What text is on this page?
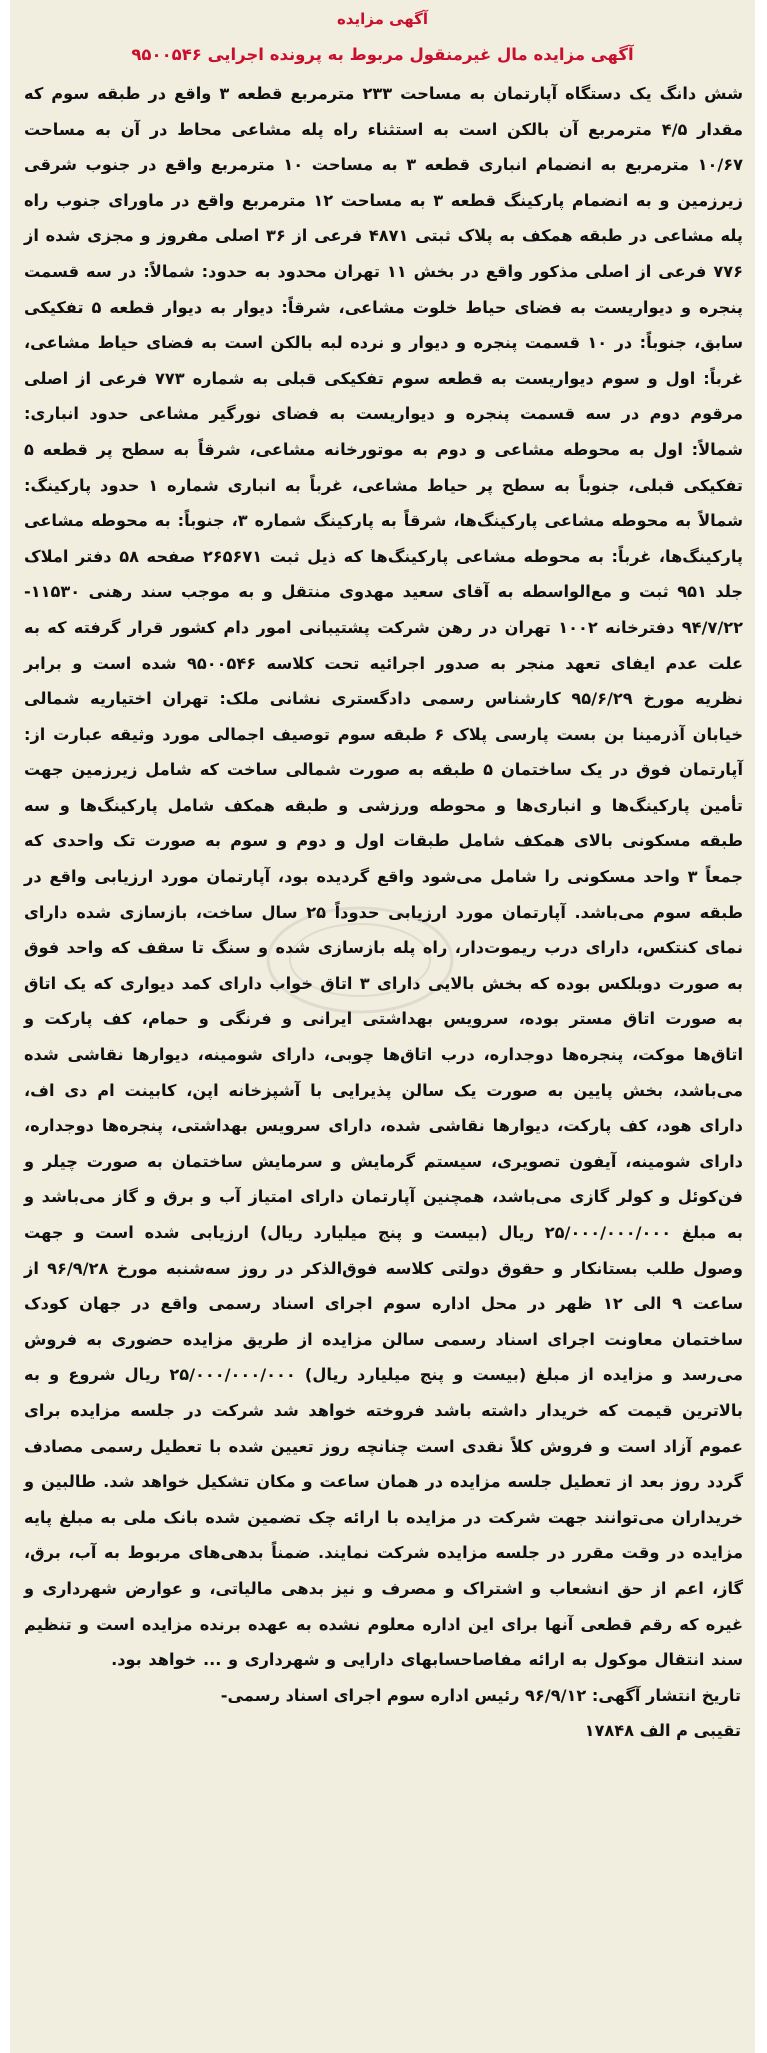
آگهی مزایده
آگهی مزایده مال غیرمنقول مربوط به پرونده اجرایی ۹۵۰۰۵۴۶

شش دانگ یک دستگاه آپارتمان به مساحت ۲۳۳ مترمربع قطعه ۳ واقع در طبقه سوم که مقدار ۴/۵ مترمربع آن بالکن است به استثناء راه پله مشاعی محاط در آن به مساحت ۱۰/۶۷ مترمربع به انضمام انباری قطعه ۳ به مساحت ۱۰ مترمربع واقع در جنوب شرقی زیرزمین و به انضمام پارکینگ قطعه ۳ به مساحت ۱۲ مترمربع واقع در ماورای جنوب راه پله مشاعی در طبقه همکف به پلاک ثبتی ۴۸۷۱ فرعی از ۳۶ اصلی مفروز و مجزی شده از ۷۷۶ فرعی از اصلی مذکور واقع در بخش ۱۱ تهران محدود به حدود: شمالاً: در سه قسمت پنجره و دیواریست به فضای حیاط خلوت مشاعی، شرقاً: دیوار به دیوار قطعه ۵ تفکیکی سابق، جنوباً: در ۱۰ قسمت پنجره و دیوار و نرده لبه بالکن است به فضای حیاط مشاعی، غرباً: اول و سوم دیواریست به قطعه سوم تفکیکی قبلی به شماره ۷۷۳ فرعی از اصلی مرقوم دوم در سه قسمت پنجره و دیواریست به فضای نورگیر مشاعی حدود انباری: شمالاً: اول به محوطه مشاعی و دوم به موتورخانه مشاعی، شرقاً به سطح پر قطعه ۵ تفکیکی قبلی، جنوباً به سطح پر حیاط مشاعی، غرباً به انباری شماره ۱ حدود پارکینگ: شمالاً به محوطه مشاعی پارکینگ‌ها، شرقاً به پارکینگ شماره ۳، جنوباً: به محوطه مشاعی پارکینگ‌ها، غرباً: به محوطه مشاعی پارکینگ‌ها که ذیل ثبت ۲۶۵۶۷۱ صفحه ۵۸ دفتر املاک جلد ۹۵۱ ثبت و مع‌الواسطه به آقای سعید مهدوی منتقل و به موجب سند رهنی ۱۱۵۳۰- ۹۴/۷/۲۲ دفترخانه ۱۰۰۲ تهران در رهن شرکت پشتیبانی امور دام کشور قرار گرفته که به علت عدم ایفای تعهد منجر به صدور اجرائیه تحت کلاسه ۹۵۰۰۵۴۶ شده است و برابر نظریه مورخ ۹۵/۶/۲۹ کارشناس رسمی دادگستری نشانی ملک: تهران اختیاریه شمالی خیابان آذرمینا بن بست پارسی پلاک ۶ طبقه سوم توصیف اجمالی مورد وثیقه عبارت از: آپارتمان فوق در یک ساختمان ۵ طبقه به صورت شمالی ساخت که شامل زیرزمین جهت تأمین پارکینگ‌ها و انباری‌ها و محوطه ورزشی و طبقه همکف شامل پارکینگ‌ها و سه طبقه مسکونی بالای همکف شامل طبقات اول و دوم و سوم به صورت تک واحدی که جمعاً ۳ واحد مسکونی را شامل می‌شود واقع گردیده بود، آپارتمان مورد ارزیابی واقع در طبقه سوم می‌باشد. آپارتمان مورد ارزیابی حدوداً ۲۵ سال ساخت، بازسازی شده دارای نمای کنتکس، دارای درب ریموت‌دار، راه پله بازسازی شده و سنگ تا سقف که واحد فوق به صورت دوبلکس بوده که بخش بالایی دارای ۳ اتاق خواب دارای کمد دیواری که یک اتاق به صورت اتاق مستر بوده، سرویس بهداشتی ایرانی و فرنگی و حمام، کف پارکت و اتاق‌ها موکت، پنجره‌ها دوجداره، درب اتاق‌ها چوبی، دارای شومینه، دیوارها نقاشی شده می‌باشد، بخش پایین به صورت یک سالن پذیرایی با آشپزخانه اپن، کابینت ام دی اف، دارای هود، کف پارکت، دیوارها نقاشی شده، دارای سرویس بهداشتی، پنجره‌ها دوجداره، دارای شومینه، آیفون تصویری، سیستم گرمایش و سرمایش ساختمان به صورت چیلر و فن‌کوئل و کولر گازی می‌باشد، همچنین آپارتمان دارای امتیاز آب و برق و گاز می‌باشد و به مبلغ ۲۵/۰۰۰/۰۰۰/۰۰۰ ریال (بیست و پنج میلیارد ریال) ارزیابی شده است و جهت وصول طلب بستانکار و حقوق دولتی کلاسه فوق‌الذکر در روز سه‌شنبه مورخ ۹۶/۹/۲۸ از ساعت ۹ الی ۱۲ ظهر در محل اداره سوم اجرای اسناد رسمی واقع در جهان کودک ساختمان معاونت اجرای اسناد رسمی سالن مزایده از طریق مزایده حضوری به فروش می‌رسد و مزایده از مبلغ (بیست و پنج میلیارد ریال) ۲۵/۰۰۰/۰۰۰/۰۰۰ ریال شروع و به بالاترین قیمت که خریدار داشته باشد فروخته خواهد شد شرکت در جلسه مزایده برای عموم آزاد است و فروش کلاً نقدی است چنانچه روز تعیین شده با تعطیل رسمی مصادف گردد روز بعد از تعطیل جلسه مزایده در همان ساعت و مکان تشکیل خواهد شد. طالبین و خریداران می‌توانند جهت شرکت در مزایده با ارائه چک تضمین شده بانک ملی به مبلغ پایه مزایده در وقت مقرر در جلسه مزایده شرکت نمایند. ضمناً بدهی‌های مربوط به آب، برق، گاز، اعم از حق انشعاب و اشتراک و مصرف و نیز بدهی مالیاتی، و عوارض شهرداری و غیره که رقم قطعی آنها برای این اداره معلوم نشده به عهده برنده مزایده است و تنظیم سند انتقال موکول به ارائه مفاصاحسابهای دارایی و شهرداری و ... خواهد بود.

تاریخ انتشار آگهی: ۹۶/۹/۱۲ رئیس اداره سوم اجرای اسناد رسمی-
تقیبی م الف ۱۷۸۴۸
